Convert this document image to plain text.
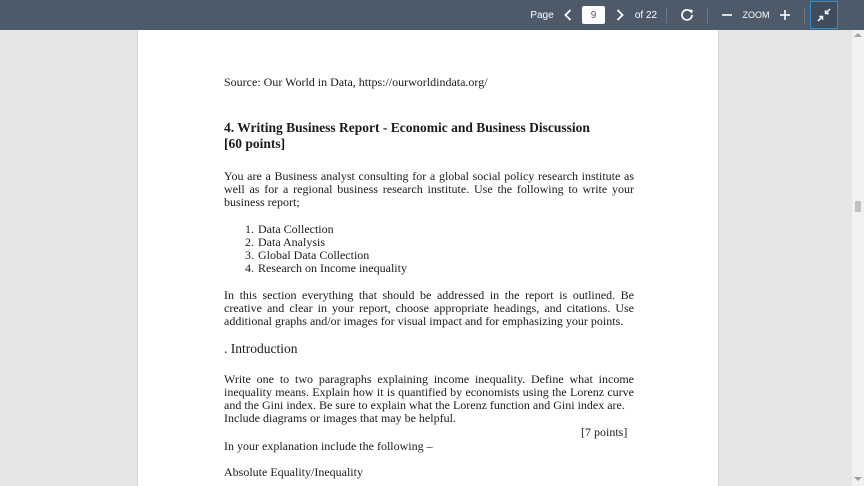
Page
9	of 22	ZOOM
Source: Our World in Data, https://ourworldindata.org/
4. Writing Business Report - Economic and Business Discussion
[60 points]
You are a Business analyst consulting for a global social policy research institute as
well as for a regional business research institute. Use the following to write your
business report;
1. Data Collection
2. Data Analysis
3. Global Data Collection
4. Research on Income inequality
In this section everything that should be addressed in the report is outlined. Be
creative and clear in your report, choose appropriate headings, and citations. Use
additional graphs and/or images for visual impact and for emphasizing your points.
. Introduction
Write one to two paragraphs explaining income inequality. Define what income
inequality means. Explain how it is quantified by economists using the Lorenz curve
and the Gini index. Be sure to explain what the Lorenz function and Gini index are.
Include diagrams or images that may be helpful.
[7 points]
In your explanation include the following –
Absolute Equality/Inequality
